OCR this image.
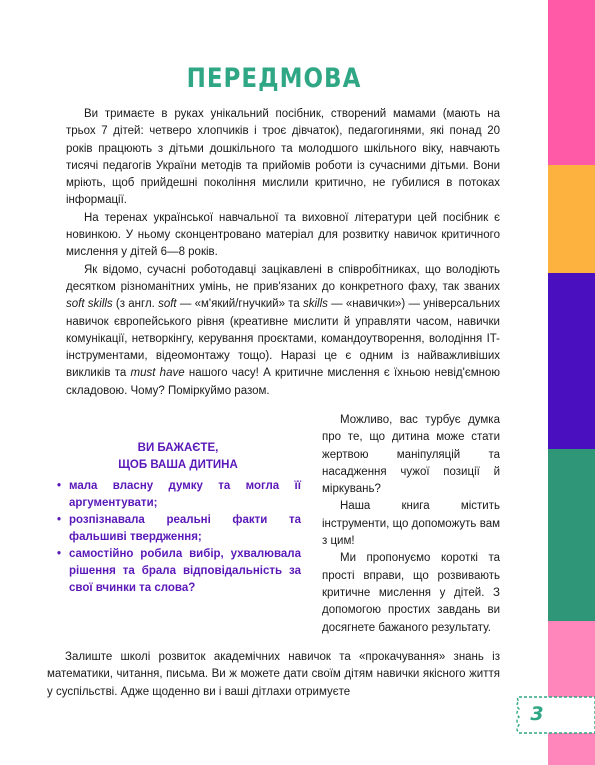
ПЕРЕДМОВА

Ви тримаєте в руках унікальний посібник, створений мамами (мають на трьох 7 дітей: четверо хлопчиків і троє дівчаток), педагогинями, які понад 20 років працюють з дітьми дошкільного та молодшого шкільного віку, навчають тисячі педагогів України методів та прийомів роботи із сучасними дітьми. Вони мріють, щоб прийдешні покоління мислили критично, не губилися в потоках інформації.

На теренах української навчальної та виховної літератури цей посібник є новинкою. У ньому сконцентровано матеріал для розвитку навичок критичного мислення у дітей 6—8 років.

Як відомо, сучасні роботодавці зацікавлені в співробітниках, що володіють десятком різноманітних умінь, не прив'язаних до конкретного фаху, так званих soft skills (з англ. soft — «м'який/гнучкий» та skills — «навички») — універсальних навичок європейського рівня (креативне мислити й управляти часом, навички комунікації, нетворкінгу, керування проєктами, командоутворення, володіння IT-інструментами, відеомонтажу тощо). Наразі це є одним із найважливіших викликів та must have нашого часу! А критичне мислення є їхньою невід'ємною складовою. Чому? Поміркуймо разом.

ВИ БАЖАЄТЕ,
ЩОБ ВАША ДИТИНА
• мала власну думку та могла її аргументувати;
• розпізнавала реальні факти та фальшиві твердження;
• самостійно робила вибір, ухвалювала рішення та брала відповідальність за свої вчинки та слова?

Можливо, вас турбує думка про те, що дитина може стати жертвою маніпуляцій та насадження чужої позиції й міркувань?

Наша книга містить інструменти, що допоможуть вам з цим!

Ми пропонуємо короткі та прості вправи, що розвивають критичне мислення у дітей. З допомогою простих завдань ви досягнете бажаного результату.

Залиште школі розвиток академічних навичок та «прокачування» знань із математики, читання, письма. Ви ж можете дати своїм дітям навички якісного життя у суспільстві. Адже щоденно ви і ваші дітлахи отримуєте

3
